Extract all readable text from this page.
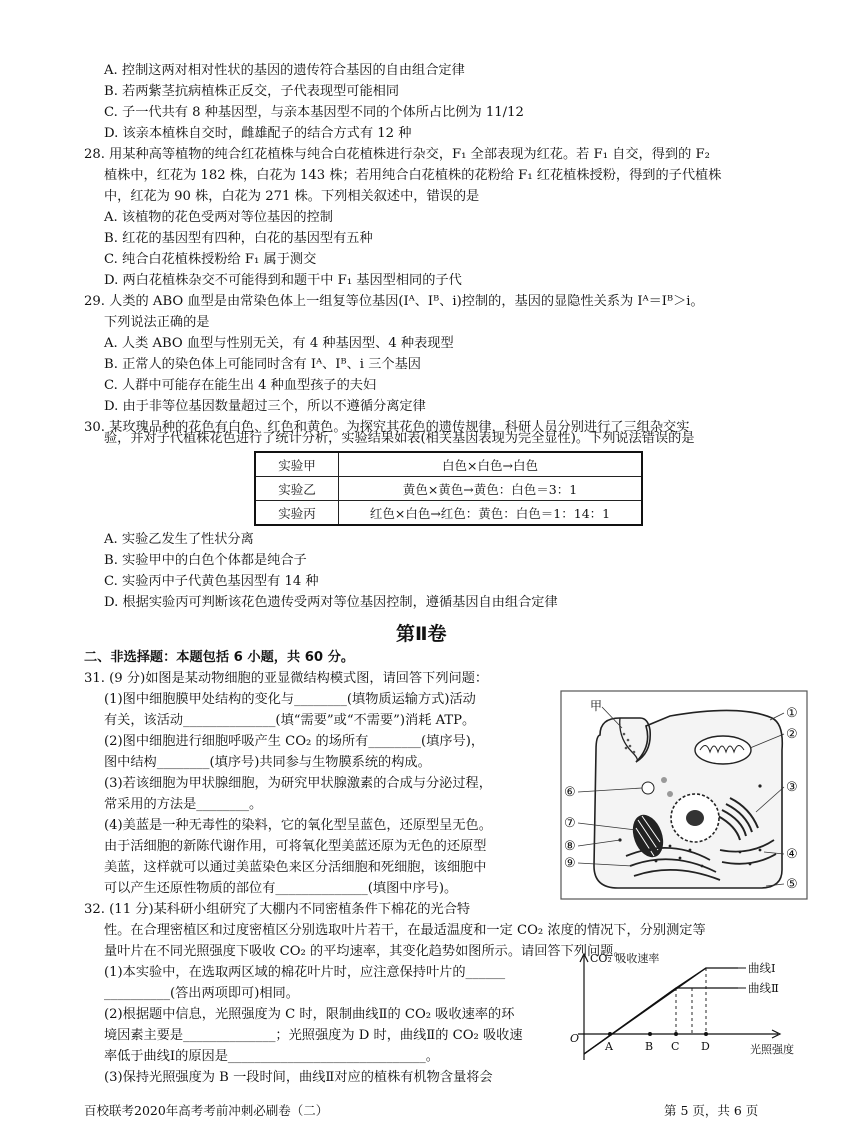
A. 控制这两对相对性状的基因的遗传符合基因的自由组合定律
B. 若两紫茎抗病植株正反交，子代表现型可能相同
C. 子一代共有 8 种基因型，与亲本基因型不同的个体所占比例为 11/12
D. 该亲本植株自交时，雌雄配子的结合方式有 12 种
28. 用某种高等植物的纯合红花植株与纯合白花植株进行杂交，F₁ 全部表现为红花。若 F₁ 自交，得到的 F₂
植株中，红花为 182 株，白花为 143 株；若用纯合白花植株的花粉给 F₁ 红花植株授粉，得到的子代植株
中，红花为 90 株，白花为 271 株。下列相关叙述中，错误的是
A. 该植物的花色受两对等位基因的控制
B. 红花的基因型有四种，白花的基因型有五种
C. 纯合白花植株授粉给 F₁ 属于测交
D. 两白花植株杂交不可能得到和题干中 F₁ 基因型相同的子代
29. 人类的 ABO 血型是由常染色体上一组复等位基因(Iᴬ、Iᴮ、i)控制的，基因的显隐性关系为 Ⅰᴬ＝Ⅰᴮ＞i。
下列说法正确的是
A. 人类 ABO 血型与性别无关，有 4 种基因型、4 种表现型
B. 正常人的染色体上可能同时含有 Ⅰᴬ、Ⅰᴮ、i 三个基因
C. 人群中可能存在能生出 4 种血型孩子的夫妇
D. 由于非等位基因数量超过三个，所以不遵循分离定律
30. 某玫瑰品种的花色有白色、红色和黄色。为探究其花色的遗传规律，科研人员分别进行了三组杂交实
验，并对子代植株花色进行了统计分析，实验结果如表(相关基因表现为完全显性)。下列说法错误的是
实验甲	白色×白色→白色
实验乙	黄色×黄色→黄色：白色＝3：1
实验丙	红色×白色→红色：黄色：白色＝1：14：1
A. 实验乙发生了性状分离
B. 实验甲中的白色个体都是纯合子
C. 实验丙中子代黄色基因型有 14 种
D. 根据实验丙可判断该花色遗传受两对等位基因控制，遵循基因自由组合定律
第Ⅱ卷
二、非选择题：本题包括 6 小题，共 60 分。
31. (9 分)如图是某动物细胞的亚显微结构模式图，请回答下列问题：
(1)图中细胞膜甲处结构的变化与________(填物质运输方式)活动
有关，该活动______________(填“需要”或“不需要”)消耗 ATP。
(2)图中细胞进行细胞呼吸产生 CO₂ 的场所有________(填序号)，
图中结构________(填序号)共同参与生物膜系统的构成。
(3)若该细胞为甲状腺细胞，为研究甲状腺激素的合成与分泌过程，
常采用的方法是________。
(4)美蓝是一种无毒性的染料，它的氧化型呈蓝色，还原型呈无色。
由于活细胞的新陈代谢作用，可将氧化型美蓝还原为无色的还原型
美蓝，这样就可以通过美蓝染色来区分活细胞和死细胞，该细胞中
可以产生还原性物质的部位有______________(填图中序号)。
甲	①
②
③
④
⑤
⑥
⑦
⑧
⑨
32. (11 分)某科研小组研究了大棚内不同密植条件下棉花的光合特
性。在合理密植区和过度密植区分别选取叶片若干，在最适温度和一定 CO₂ 浓度的情况下，分别测定等
量叶片在不同光照强度下吸收 CO₂ 的平均速率，其变化趋势如图所示。请回答下列问题。
(1)本实验中，在选取两区域的棉花叶片时，应注意保持叶片的______
__________(答出两项即可)相同。
(2)根据题中信息，光照强度为 C 时，限制曲线Ⅱ的 CO₂ 吸收速率的环
境因素主要是______________；光照强度为 D 时，曲线Ⅱ的 CO₂ 吸收速
率低于曲线Ⅰ的原因是______________________________。
(3)保持光照强度为 B 一段时间，曲线Ⅱ对应的植株有机物含量将会
CO₂ 吸收速率
光照强度
O
曲线Ⅰ
曲线Ⅱ
A	B C D
百校联考2020年高考考前冲刺必刷卷（二）	第 5 页，共 6 页
